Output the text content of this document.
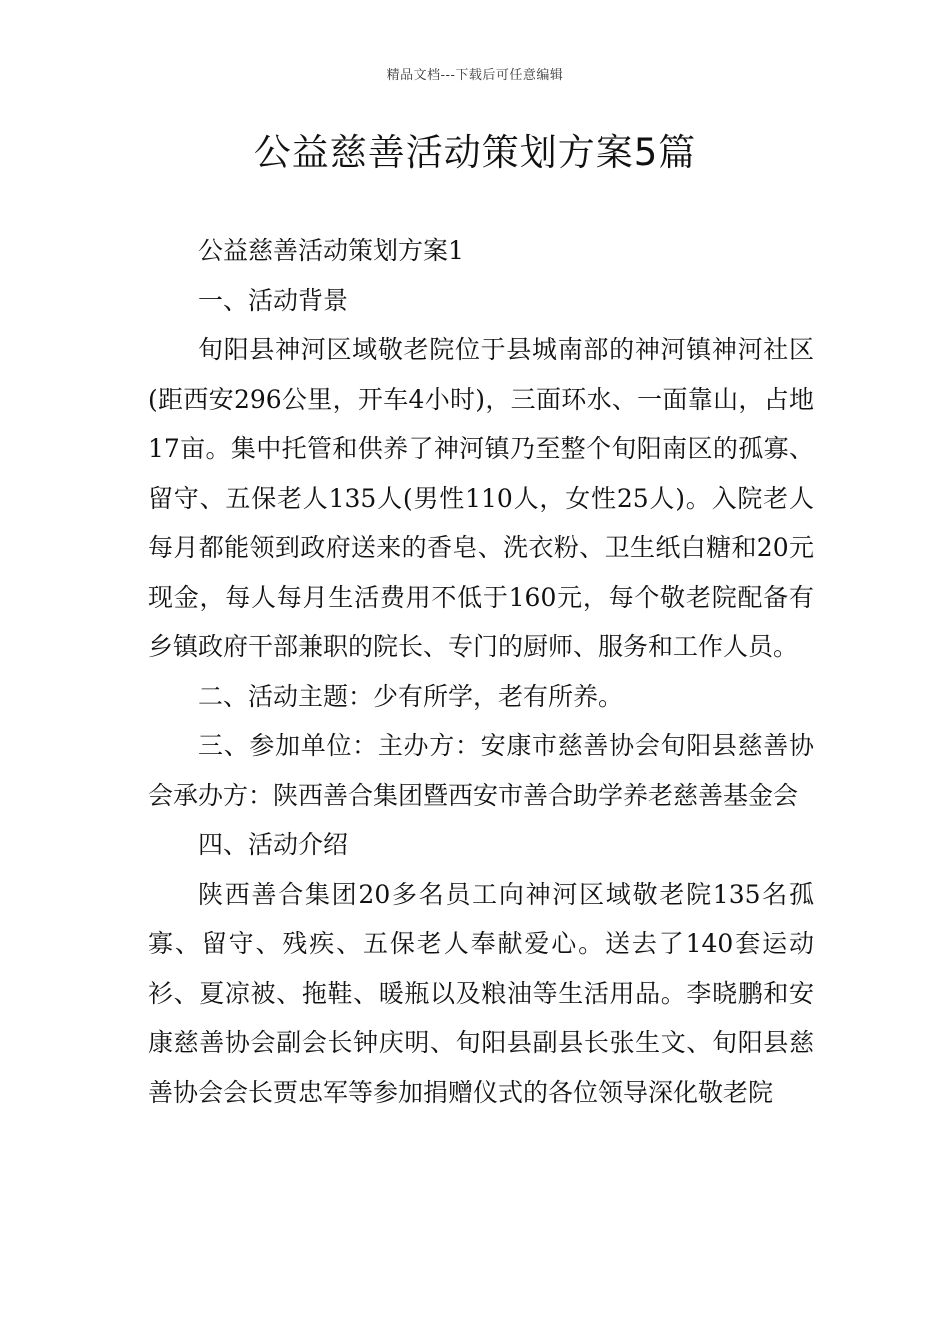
精品文档---下载后可任意编辑
公益慈善活动策划方案5篇

公益慈善活动策划方案1

一、活动背景

旬阳县神河区域敬老院位于县城南部的神河镇神河社区(距西安296公里，开车4小时)，三面环水、一面靠山，占地17亩。集中托管和供养了神河镇乃至整个旬阳南区的孤寡、留守、五保老人135人(男性110人，女性25人)。入院老人每月都能领到政府送来的香皂、洗衣粉、卫生纸白糖和20元现金，每人每月生活费用不低于160元，每个敬老院配备有乡镇政府干部兼职的院长、专门的厨师、服务和工作人员。

二、活动主题：少有所学，老有所养。

三、参加单位：主办方：安康市慈善协会旬阳县慈善协会承办方：陕西善合集团暨西安市善合助学养老慈善基金会

四、活动介绍

陕西善合集团20多名员工向神河区域敬老院135名孤寡、留守、残疾、五保老人奉献爱心。送去了140套运动衫、夏凉被、拖鞋、暖瓶以及粮油等生活用品。李晓鹏和安康慈善协会副会长钟庆明、旬阳县副县长张生文、旬阳县慈善协会会长贾忠军等参加捐赠仪式的各位领导深化敬老院
